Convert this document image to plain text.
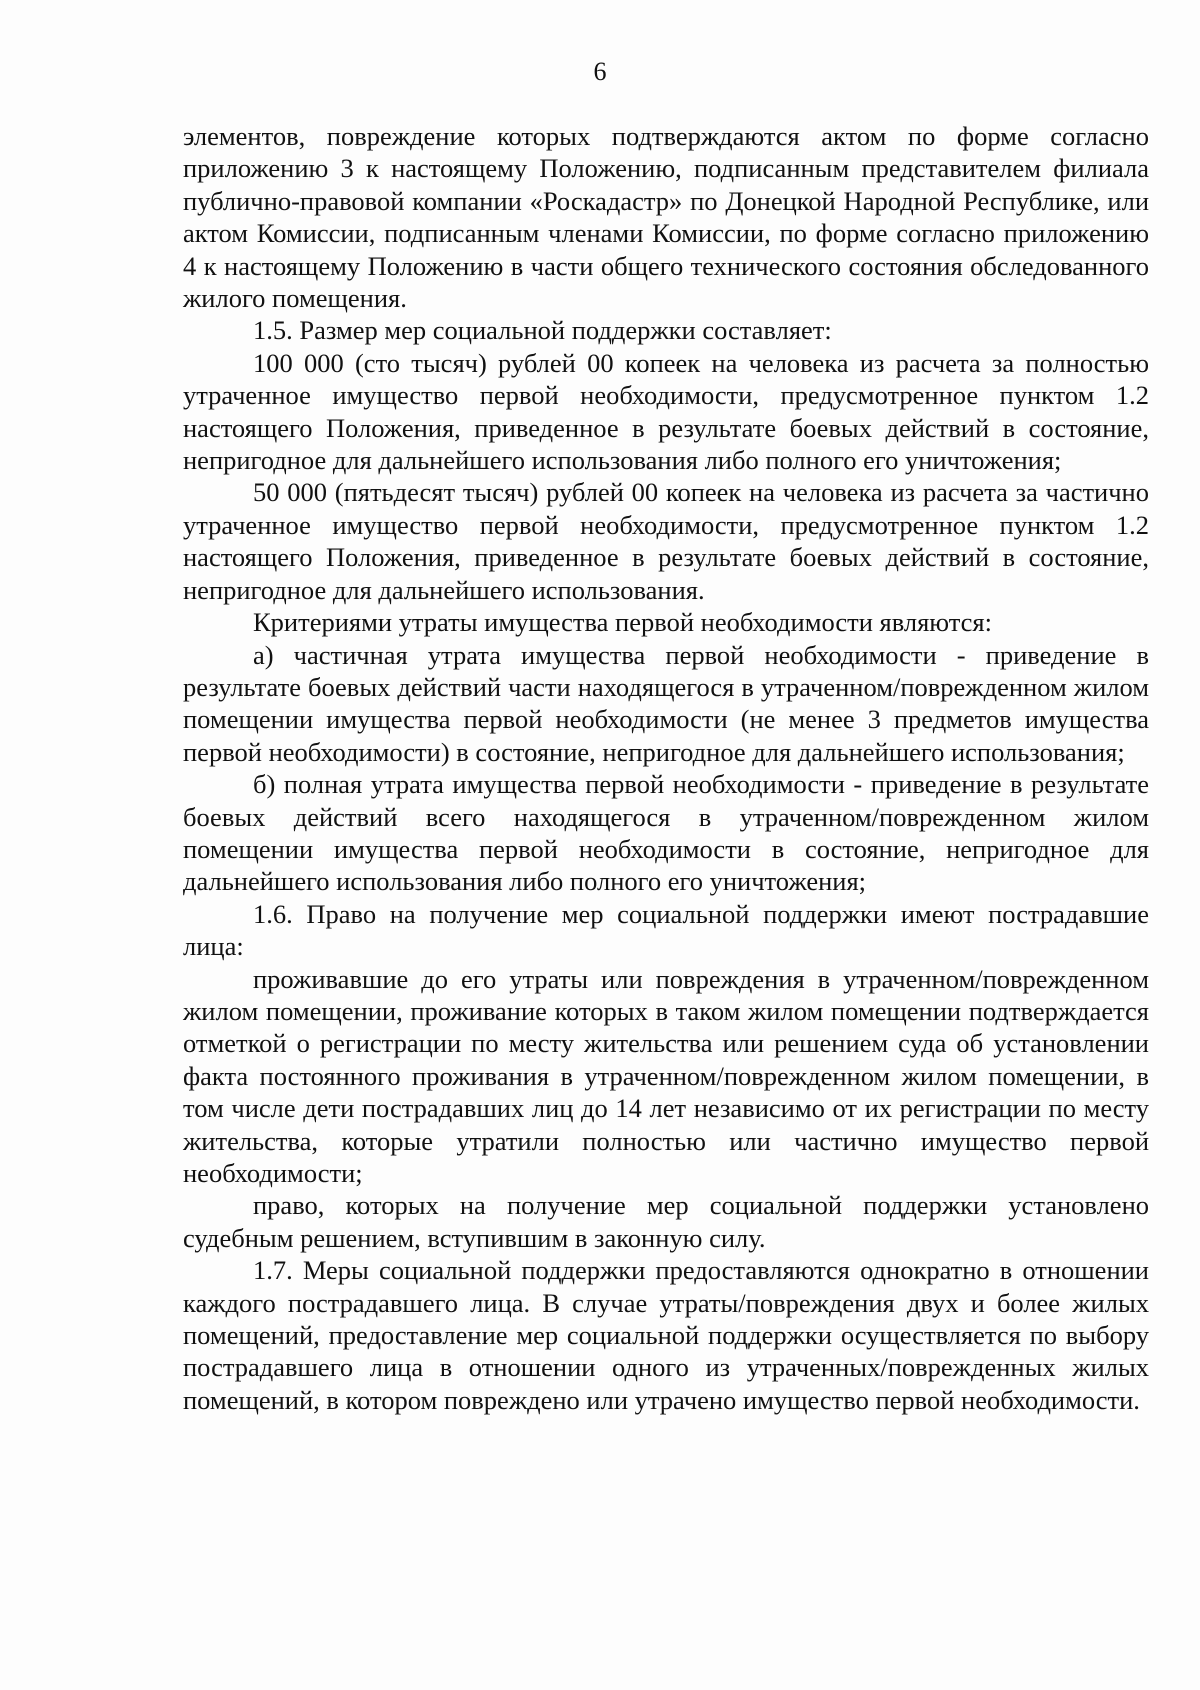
6

элементов, повреждение которых подтверждаются актом по форме согласно приложению 3 к настоящему Положению, подписанным представителем филиала публично-правовой компании «Роскадастр» по Донецкой Народной Республике, или актом Комиссии, подписанным членами Комиссии, по форме согласно приложению 4 к настоящему Положению в части общего технического состояния обследованного жилого помещения.

1.5. Размер мер социальной поддержки составляет:

100 000 (сто тысяч) рублей 00 копеек на человека из расчета за полностью утраченное имущество первой необходимости, предусмотренное пунктом 1.2 настоящего Положения, приведенное в результате боевых действий в состояние, непригодное для дальнейшего использования либо полного его уничтожения;

50 000 (пятьдесят тысяч) рублей 00 копеек на человека из расчета за частично утраченное имущество первой необходимости, предусмотренное пунктом 1.2 настоящего Положения, приведенное в результате боевых действий в состояние, непригодное для дальнейшего использования.

Критериями утраты имущества первой необходимости являются:

а) частичная утрата имущества первой необходимости - приведение в результате боевых действий части находящегося в утраченном/поврежденном жилом помещении имущества первой необходимости (не менее 3 предметов имущества первой необходимости) в состояние, непригодное для дальнейшего использования;

б) полная утрата имущества первой необходимости - приведение в результате боевых действий всего находящегося в утраченном/поврежденном жилом помещении имущества первой необходимости в состояние, непригодное для дальнейшего использования либо полного его уничтожения;

1.6. Право на получение мер социальной поддержки имеют пострадавшие лица:

проживавшие до его утраты или повреждения в утраченном/поврежденном жилом помещении, проживание которых в таком жилом помещении подтверждается отметкой о регистрации по месту жительства или решением суда об установлении факта постоянного проживания в утраченном/поврежденном жилом помещении, в том числе дети пострадавших лиц до 14 лет независимо от их регистрации по месту жительства, которые утратили полностью или частично имущество первой необходимости;

право, которых на получение мер социальной поддержки установлено судебным решением, вступившим в законную силу.

1.7. Меры социальной поддержки предоставляются однократно в отношении каждого пострадавшего лица. В случае утраты/повреждения двух и более жилых помещений, предоставление мер социальной поддержки осуществляется по выбору пострадавшего лица в отношении одного из утраченных/поврежденных жилых помещений, в котором повреждено или утрачено имущество первой необходимости.
